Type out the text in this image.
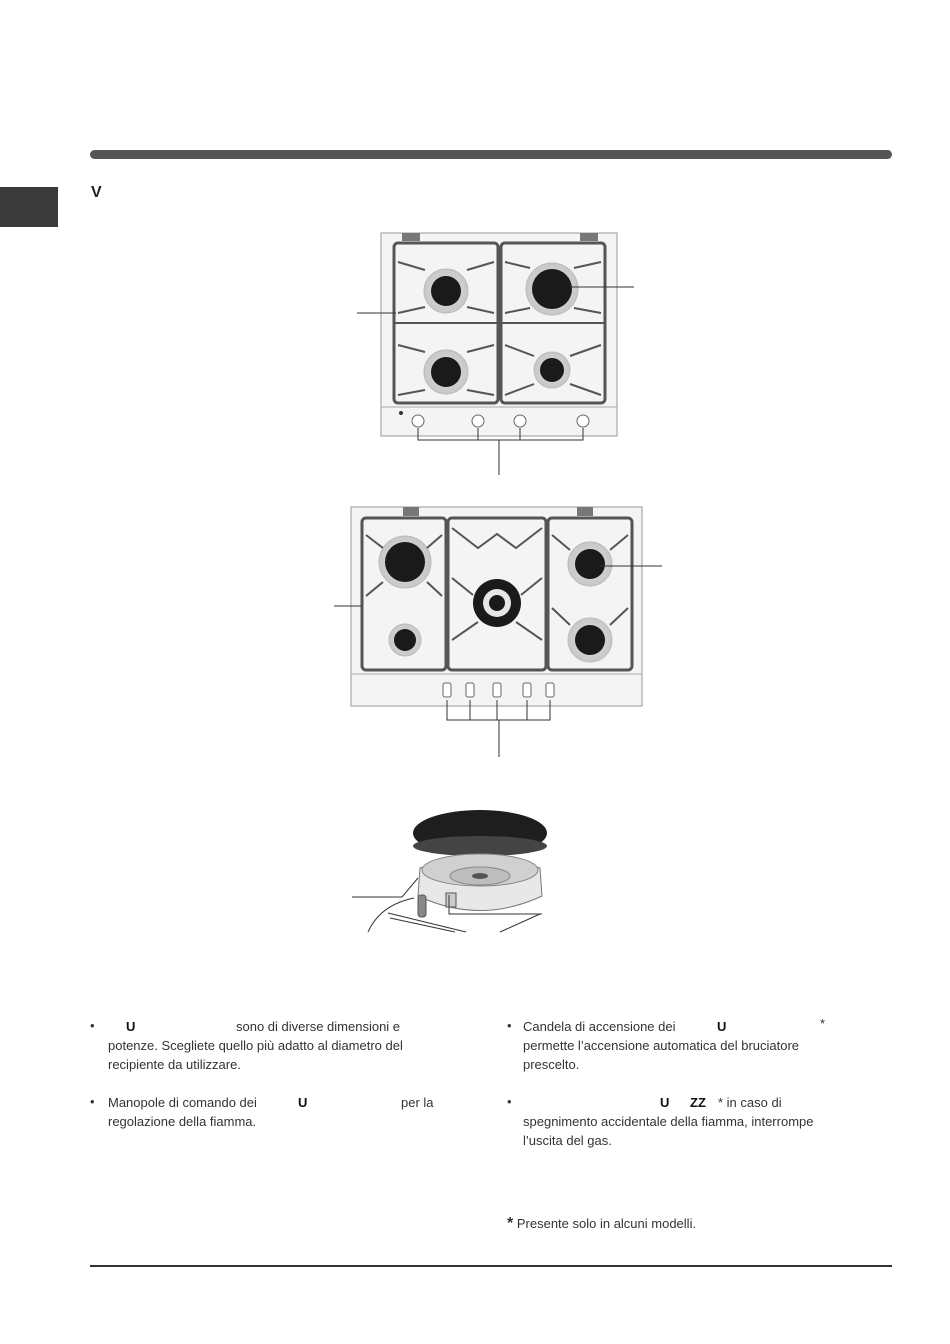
V
• U	sono di diverse dimensioni e
potenze. Scegliete quello più adatto al diametro del
recipiente da utilizzare.
• Manopole di comando dei	U	per la
regolazione della fiamma.
• Candela di accensione dei	U	*
permette l’accensione automatica del bruciatore
prescelto.
•	U ZZ * in caso di
spegnimento accidentale della fiamma, interrompe
l’uscita del gas.
* Presente solo in alcuni modelli.
